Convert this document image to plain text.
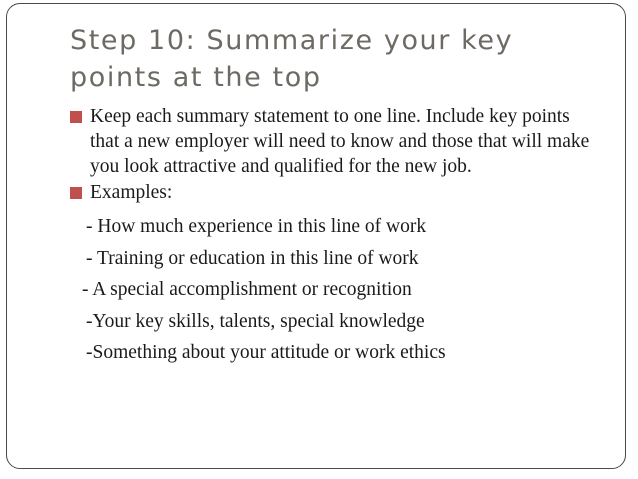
Step 10: Summarize your key points at the top
Keep each summary statement to one line. Include key points that a new employer will need to know and those that will make you look attractive and qualified for the new job.
Examples:
- How much experience in this line of work
- Training or education in this line of work
- A special accomplishment or recognition
-Your key skills, talents, special knowledge
-Something about your attitude or work ethics
